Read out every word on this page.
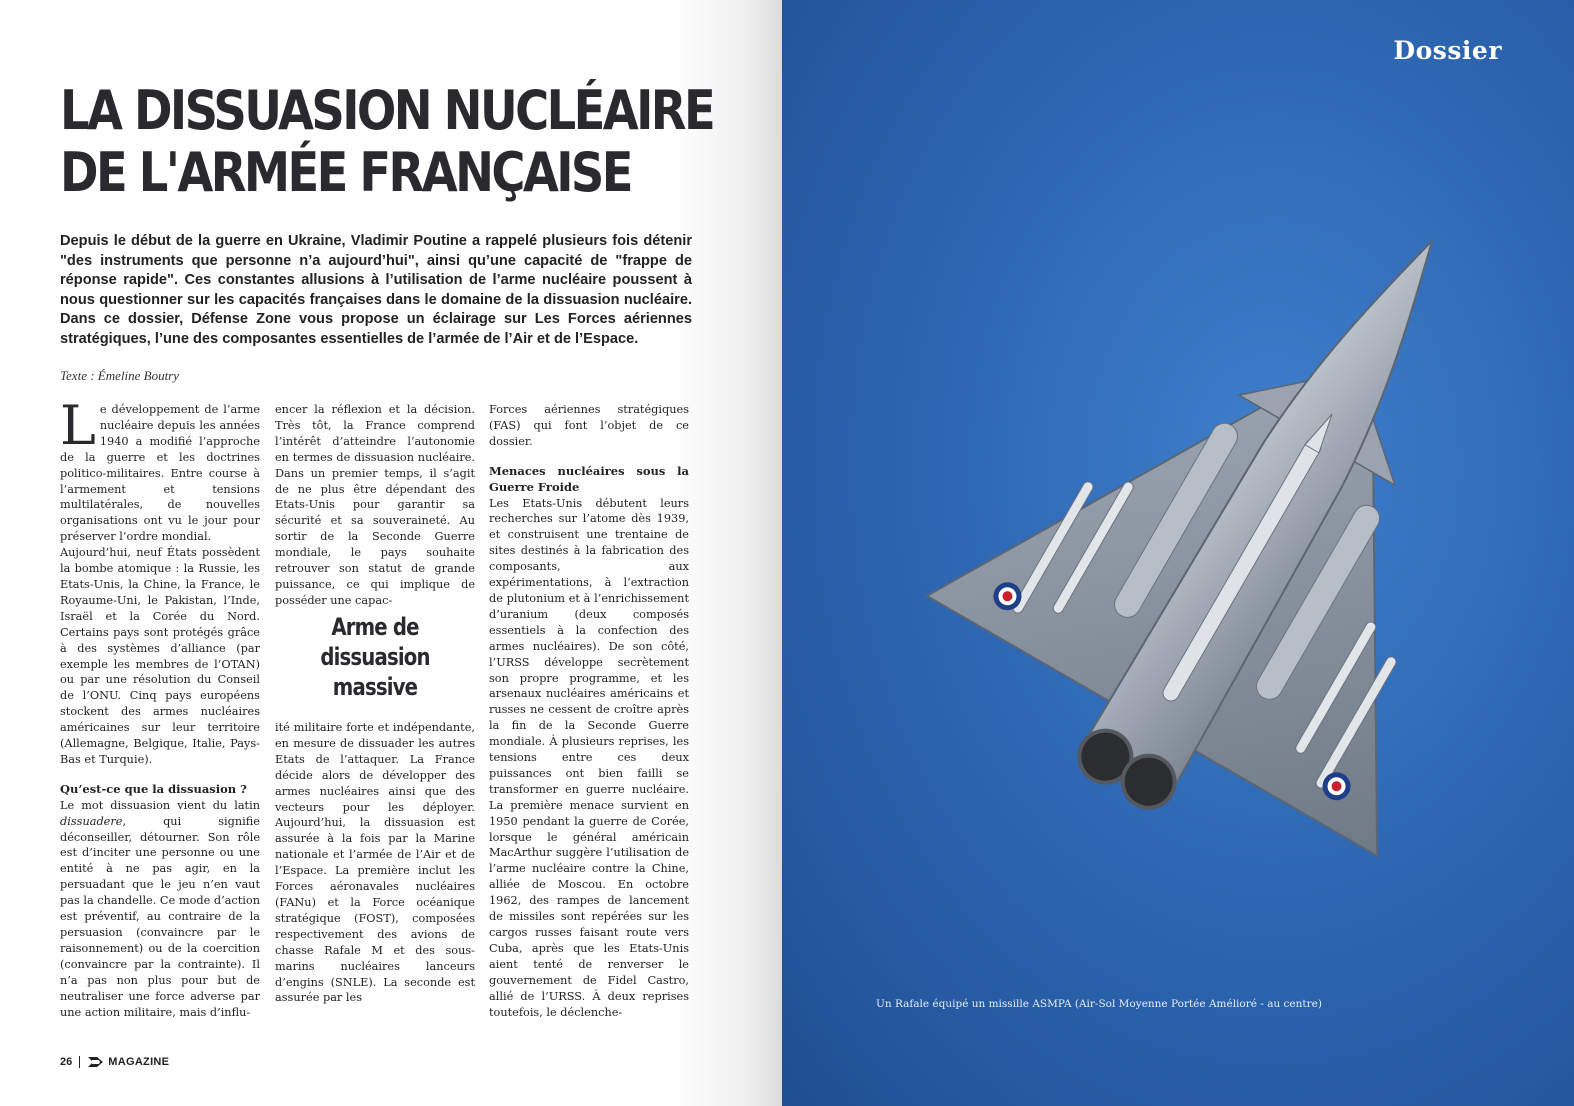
LA DISSUASION NUCLÉAIRE
DE L'ARMÉE FRANÇAISE

Depuis le début de la guerre en Ukraine, Vladimir Poutine a rappelé plusieurs fois détenir "des instruments que personne n’a aujourd’hui", ainsi qu’une capacité de "frappe de réponse rapide". Ces constantes allusions à l’utilisation de l’arme nucléaire poussent à nous questionner sur les capacités françaises dans le domaine de la dissuasion nucléaire. Dans ce dossier, Défense Zone vous propose un éclairage sur Les Forces aériennes stratégiques, l’une des composantes essentielles de l’armée de l’Air et de l’Espace.

Texte : Émeline Boutry

Le développement de l’arme nucléaire depuis les années 1940 a modifié l’approche de la guerre et les doctrines politico-militaires. Entre course à l’armement et tensions multilatérales, de nouvelles organisations ont vu le jour pour préserver l’ordre mondial.

Aujourd’hui, neuf États possèdent la bombe atomique : la Russie, les Etats-Unis, la Chine, la France, le Royaume-Uni, le Pakistan, l’Inde, Israël et la Corée du Nord. Certains pays sont protégés grâce à des systèmes d’alliance (par exemple les membres de l’OTAN) ou par une résolution du Conseil de l’ONU. Cinq pays européens stockent des armes nucléaires américaines sur leur territoire (Allemagne, Belgique, Italie, Pays-Bas et Turquie).

Qu’est-ce que la dissuasion ?

Le mot dissuasion vient du latin dissuadere, qui signifie déconseiller, détourner. Son rôle est d’inciter une personne ou une entité à ne pas agir, en la persuadant que le jeu n’en vaut pas la chandelle. Ce mode d’action est préventif, au contraire de la persuasion (convaincre par le raisonnement) ou de la coercition (convaincre par la contrainte). Il n’a pas non plus pour but de neutraliser une force adverse par une action militaire, mais d’influ-

encer la réflexion et la décision. Très tôt, la France comprend l’intérêt d’atteindre l’autonomie en termes de dissuasion nucléaire. Dans un premier temps, il s’agit de ne plus être dépendant des Etats-Unis pour garantir sa sécurité et sa souveraineté. Au sortir de la Seconde Guerre mondiale, le pays souhaite retrouver son statut de grande puissance, ce qui implique de posséder une capac-

Arme de
dissuasion
massive

ité militaire forte et indépendante, en mesure de dissuader les autres Etats de l’attaquer. La France décide alors de développer des armes nucléaires ainsi que des vecteurs pour les déployer. Aujourd’hui, la dissuasion est assurée à la fois par la Marine nationale et l’armée de l’Air et de l’Espace. La première inclut les Forces aéronavales nucléaires (FANu) et la Force océanique stratégique (FOST), composées respectivement des avions de chasse Rafale M et des sous-marins nucléaires lanceurs d’engins (SNLE). La seconde est assurée par les

Forces aériennes stratégiques (FAS) qui font l’objet de ce dossier.

Menaces nucléaires sous la Guerre Froide

Les Etats-Unis débutent leurs recherches sur l’atome dès 1939, et construisent une trentaine de sites destinés à la fabrication des composants, aux expérimentations, à l’extraction de plutonium et à l’enrichissement d’uranium (deux composés essentiels à la confection des armes nucléaires). De son côté, l’URSS développe secrètement son propre programme, et les arsenaux nucléaires américains et russes ne cessent de croître après la fin de la Seconde Guerre mondiale. À plusieurs reprises, les tensions entre ces deux puissances ont bien failli se transformer en guerre nucléaire. La première menace survient en 1950 pendant la guerre de Corée, lorsque le général américain MacArthur suggère l’utilisation de l’arme nucléaire contre la Chine, alliée de Moscou. En octobre 1962, des rampes de lancement de missiles sont repérées sur les cargos russes faisant route vers Cuba, après que les Etats-Unis aient tenté de renverser le gouvernement de Fidel Castro, allié de l’URSS. À deux reprises toutefois, le déclenche-

26	MAGAZINE
Dossier
Un Rafale équipé un missille ASMPA (Air-Sol Moyenne Portée Amélioré - au centre)
